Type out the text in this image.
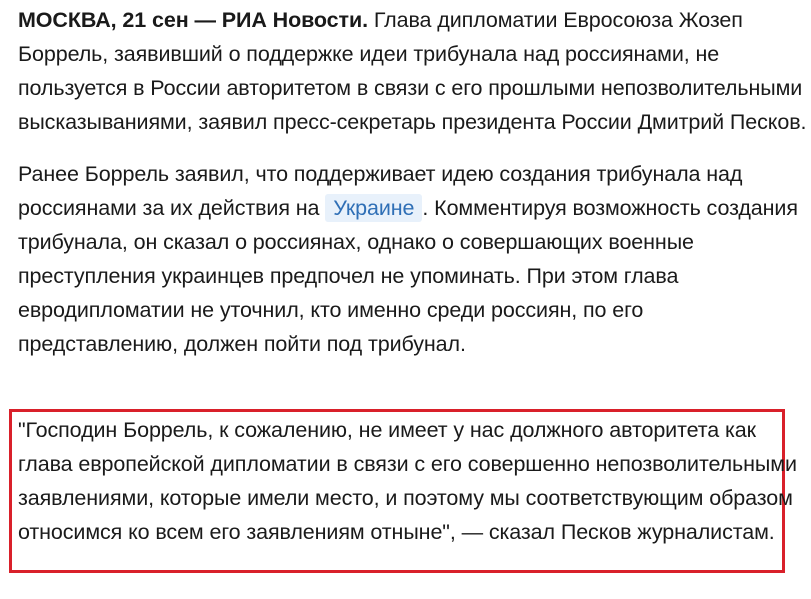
МОСКВА, 21 сен — РИА Новости. Глава дипломатии Евросоюза Жозеп Боррель, заявивший о поддержке идеи трибунала над россиянами, не пользуется в России авторитетом в связи с его прошлыми непозволительными высказываниями, заявил пресс-секретарь президента России Дмитрий Песков.

Ранее Боррель заявил, что поддерживает идею создания трибунала над россиянами за их действия на Украине . Комментируя возможность создания трибунала, он сказал о россиянах, однако о совершающих военные преступления украинцев предпочел не упоминать. При этом глава евродипломатии не уточнил, кто именно среди россиян, по его представлению, должен пойти под трибунал.

"Господин Боррель, к сожалению, не имеет у нас должного авторитета как глава европейской дипломатии в связи с его совершенно непозволительными заявлениями, которые имели место, и поэтому мы соответствующим образом относимся ко всем его заявлениям отныне", — сказал Песков журналистам.
